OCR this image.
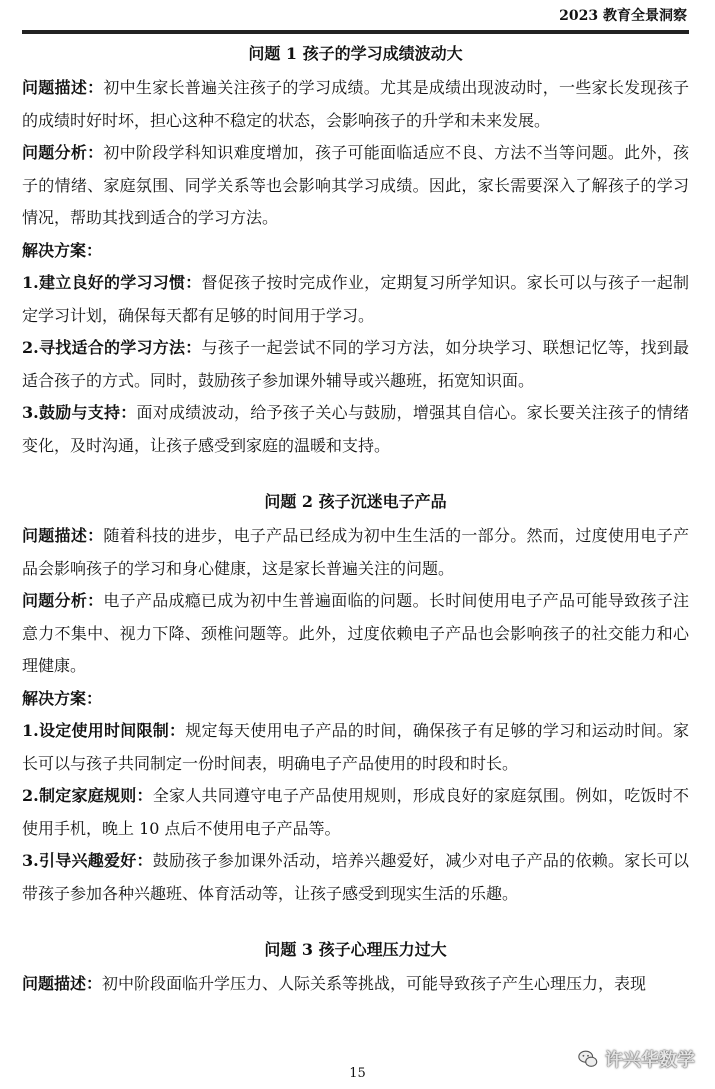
2023 教育全景洞察
问题 1 孩子的学习成绩波动大

问题描述：初中生家长普遍关注孩子的学习成绩。尤其是成绩出现波动时，一些家长发现孩子的成绩时好时坏，担心这种不稳定的状态，会影响孩子的升学和未来发展。

问题分析：初中阶段学科知识难度增加，孩子可能面临适应不良、方法不当等问题。此外，孩子的情绪、家庭氛围、同学关系等也会影响其学习成绩。因此，家长需要深入了解孩子的学习情况，帮助其找到适合的学习方法。

解决方案：

1.建立良好的学习习惯：督促孩子按时完成作业，定期复习所学知识。家长可以与孩子一起制定学习计划，确保每天都有足够的时间用于学习。

2.寻找适合的学习方法：与孩子一起尝试不同的学习方法，如分块学习、联想记忆等，找到最适合孩子的方式。同时，鼓励孩子参加课外辅导或兴趣班，拓宽知识面。

3.鼓励与支持：面对成绩波动，给予孩子关心与鼓励，增强其自信心。家长要关注孩子的情绪变化，及时沟通，让孩子感受到家庭的温暖和支持。

问题 2 孩子沉迷电子产品

问题描述：随着科技的进步，电子产品已经成为初中生生活的一部分。然而，过度使用电子产品会影响孩子的学习和身心健康，这是家长普遍关注的问题。

问题分析：电子产品成瘾已成为初中生普遍面临的问题。长时间使用电子产品可能导致孩子注意力不集中、视力下降、颈椎问题等。此外，过度依赖电子产品也会影响孩子的社交能力和心理健康。

解决方案：

1.设定使用时间限制：规定每天使用电子产品的时间，确保孩子有足够的学习和运动时间。家长可以与孩子共同制定一份时间表，明确电子产品使用的时段和时长。

2.制定家庭规则：全家人共同遵守电子产品使用规则，形成良好的家庭氛围。例如，吃饭时不使用手机，晚上 10 点后不使用电子产品等。

3.引导兴趣爱好：鼓励孩子参加课外活动，培养兴趣爱好，减少对电子产品的依赖。家长可以带孩子参加各种兴趣班、体育活动等，让孩子感受到现实生活的乐趣。

问题 3 孩子心理压力过大

问题描述：初中阶段面临升学压力、人际关系等挑战，可能导致孩子产生心理压力，表现

许兴华数学
15
